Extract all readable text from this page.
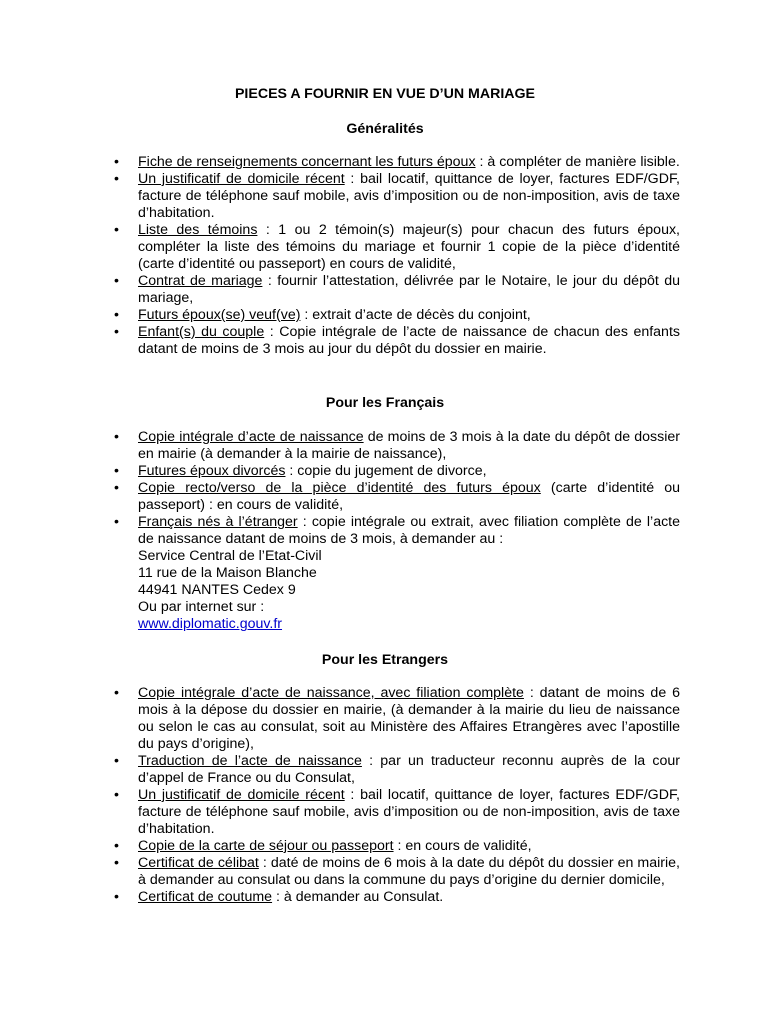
PIECES A FOURNIR EN VUE D’UN MARIAGE
Généralités
• Fiche de renseignements concernant les futurs époux : à compléter de manière lisible.
• Un justificatif de domicile récent : bail locatif, quittance de loyer, factures EDF/GDF, facture de téléphone sauf mobile, avis d’imposition ou de non-imposition, avis de taxe d’habitation.
• Liste des témoins : 1 ou 2 témoin(s) majeur(s) pour chacun des futurs époux, compléter la liste des témoins du mariage et fournir 1 copie de la pièce d’identité (carte d’identité ou passeport) en cours de validité,
• Contrat de mariage : fournir l’attestation, délivrée par le Notaire, le jour du dépôt du mariage,
• Futurs époux(se) veuf(ve) : extrait d’acte de décès du conjoint,
• Enfant(s) du couple : Copie intégrale de l’acte de naissance de chacun des enfants datant de moins de 3 mois au jour du dépôt du dossier en mairie.
Pour les Français
• Copie intégrale d’acte de naissance de moins de 3 mois à la date du dépôt de dossier en mairie (à demander à la mairie de naissance),
• Futures époux divorcés : copie du jugement de divorce,
• Copie recto/verso de la pièce d’identité des futurs époux (carte d’identité ou passeport) : en cours de validité,
• Français nés à l’étranger : copie intégrale ou extrait, avec filiation complète de l’acte de naissance datant de moins de 3 mois, à demander au :
Service Central de l’Etat-Civil
11 rue de la Maison Blanche
44941 NANTES Cedex 9
Ou par internet sur :
www.diplomatic.gouv.fr
Pour les Etrangers
• Copie intégrale d’acte de naissance, avec filiation complète : datant de moins de 6 mois à la dépose du dossier en mairie, (à demander à la mairie du lieu de naissance ou selon le cas au consulat, soit au Ministère des Affaires Etrangères avec l’apostille du pays d’origine),
• Traduction de l’acte de naissance : par un traducteur reconnu auprès de la cour d’appel de France ou du Consulat,
• Un justificatif de domicile récent : bail locatif, quittance de loyer, factures EDF/GDF, facture de téléphone sauf mobile, avis d’imposition ou de non-imposition, avis de taxe d’habitation.
• Copie de la carte de séjour ou passeport : en cours de validité,
• Certificat de célibat : daté de moins de 6 mois à la date du dépôt du dossier en mairie, à demander au consulat ou dans la commune du pays d’origine du dernier domicile,
• Certificat de coutume : à demander au Consulat.
